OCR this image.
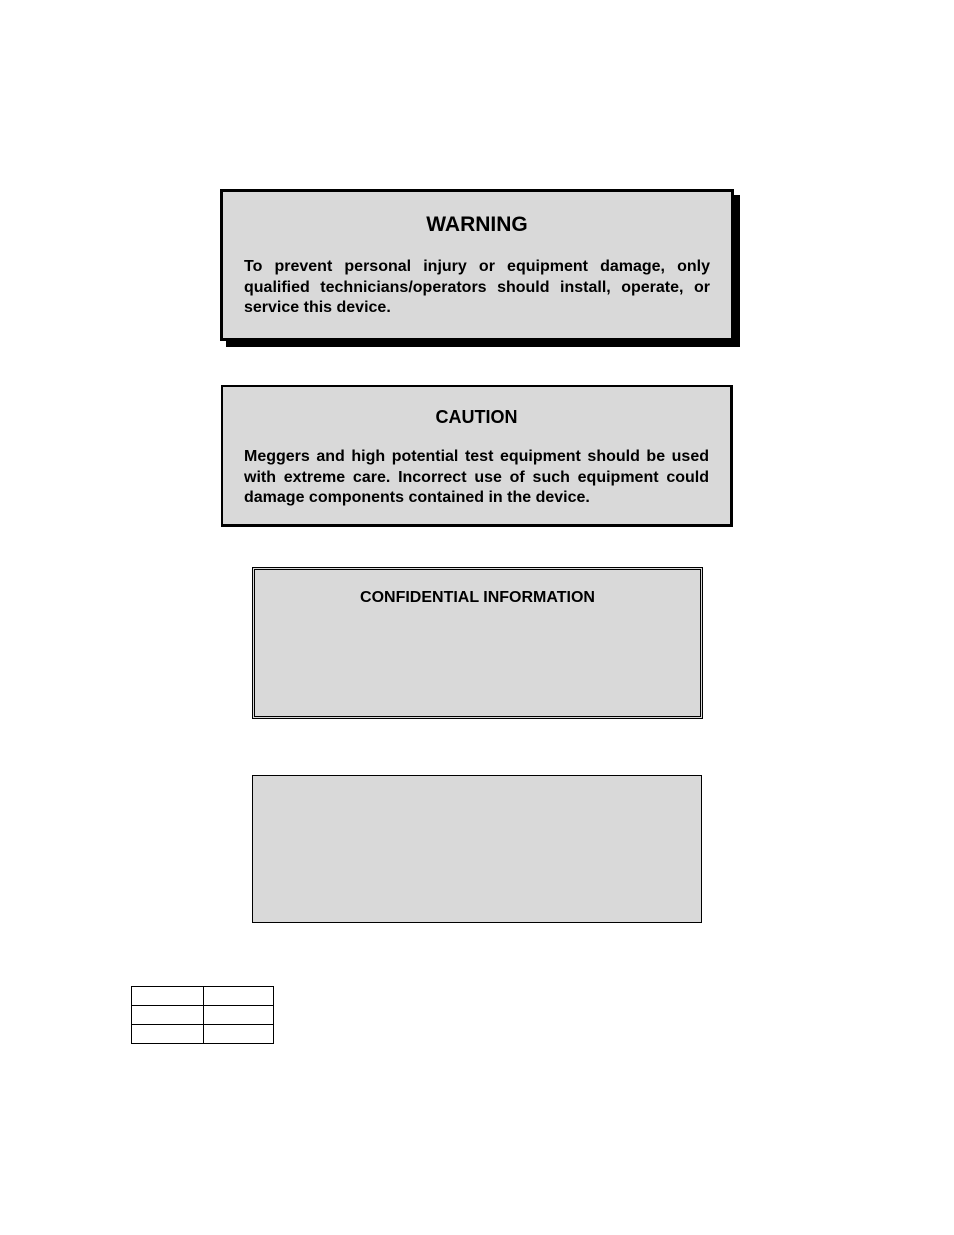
WARNING

To prevent personal injury or equipment damage, only qualified technicians/operators should install, operate, or service this device.

CAUTION

Meggers and high potential test equipment should be used with extreme care. Incorrect use of such equipment could damage components contained in the device.

CONFIDENTIAL INFORMATION
